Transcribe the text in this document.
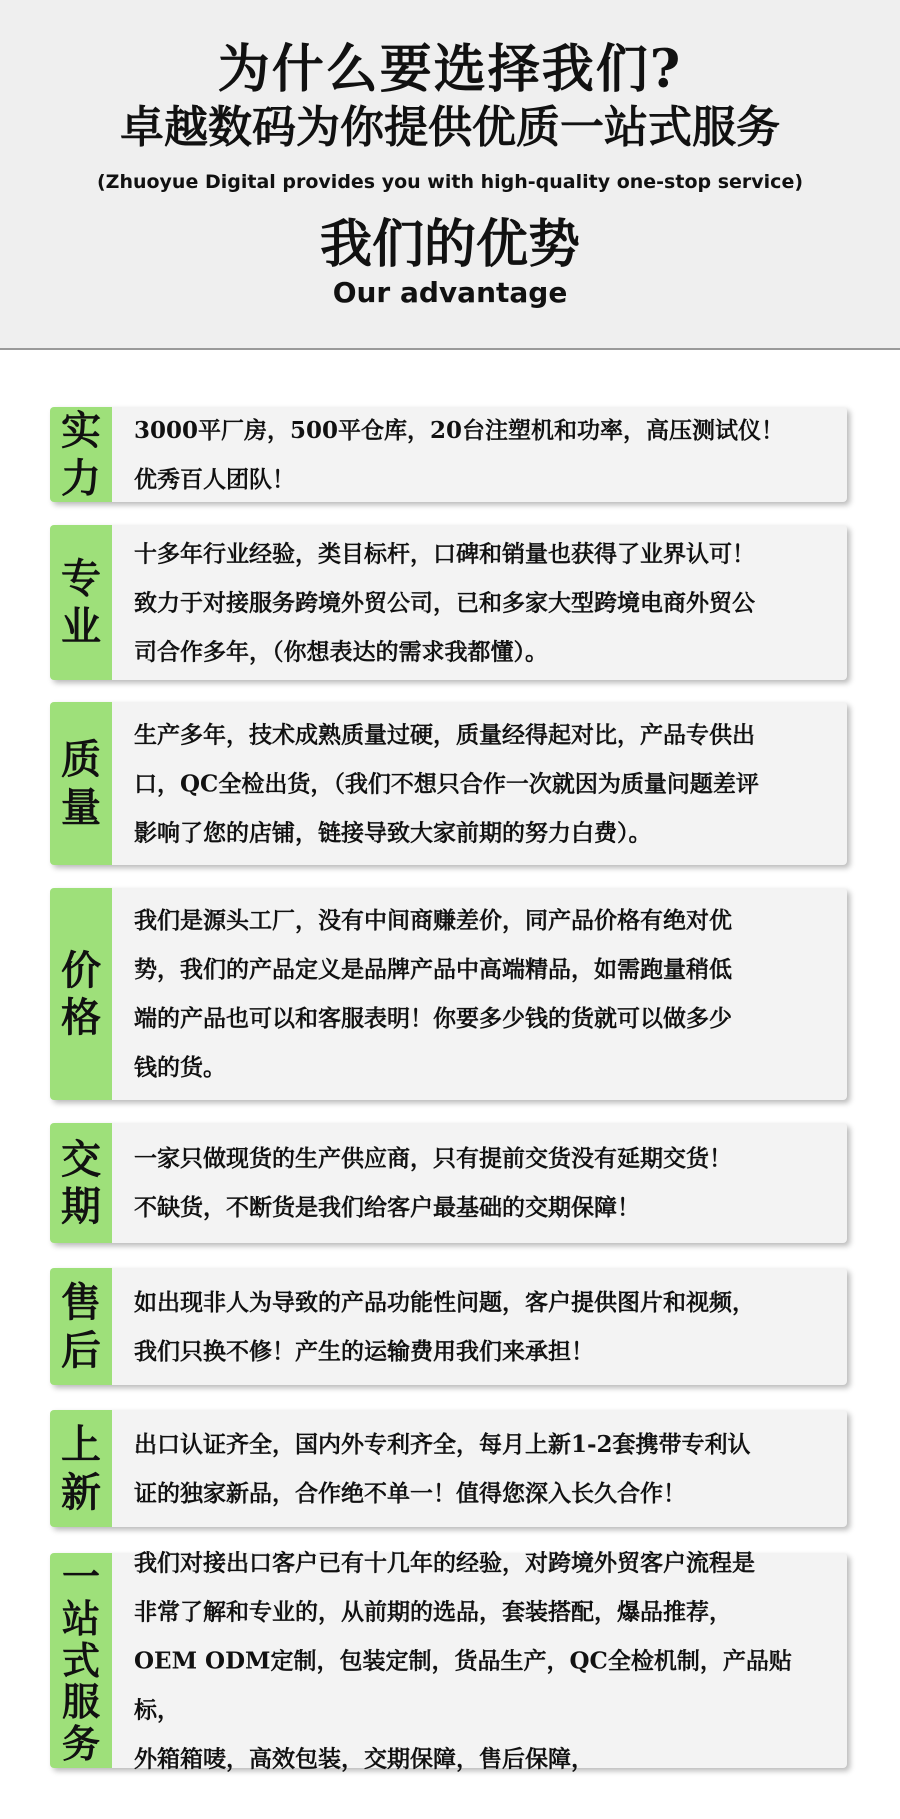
为什么要选择我们?
卓越数码为你提供优质一站式服务
(Zhuoyue Digital provides you with high-quality one-stop service)
我们的优势
Our advantage
实
力
3000平厂房，500平仓库，20台注塑机和功率，高压测试仪！
优秀百人团队！
专
业
十多年行业经验，类目标杆，口碑和销量也获得了业界认可！
致力于对接服务跨境外贸公司，已和多家大型跨境电商外贸公
司合作多年，（你想表达的需求我都懂）。
质
量
生产多年，技术成熟质量过硬，质量经得起对比，产品专供出
口，QC全检出货，（我们不想只合作一次就因为质量问题差评
影响了您的店铺，链接导致大家前期的努力白费）。
价
格
我们是源头工厂，没有中间商赚差价，同产品价格有绝对优
势，我们的产品定义是品牌产品中高端精品，如需跑量稍低
端的产品也可以和客服表明！你要多少钱的货就可以做多少
钱的货。
交
期
一家只做现货的生产供应商，只有提前交货没有延期交货！
不缺货，不断货是我们给客户最基础的交期保障！
售
后
如出现非人为导致的产品功能性问题，客户提供图片和视频，
我们只换不修！产生的运输费用我们来承担！
上
新
出口认证齐全，国内外专利齐全，每月上新1-2套携带专利认
证的独家新品，合作绝不单一！值得您深入长久合作！
一
站
式
服
务
我们对接出口客户已有十几年的经验，对跨境外贸客户流程是
非常了解和专业的，从前期的选品，套装搭配，爆品推荐，
OEM ODM定制，包装定制，货品生产，QC全检机制，产品贴标，
外箱箱唛，高效包装，交期保障，售后保障，
